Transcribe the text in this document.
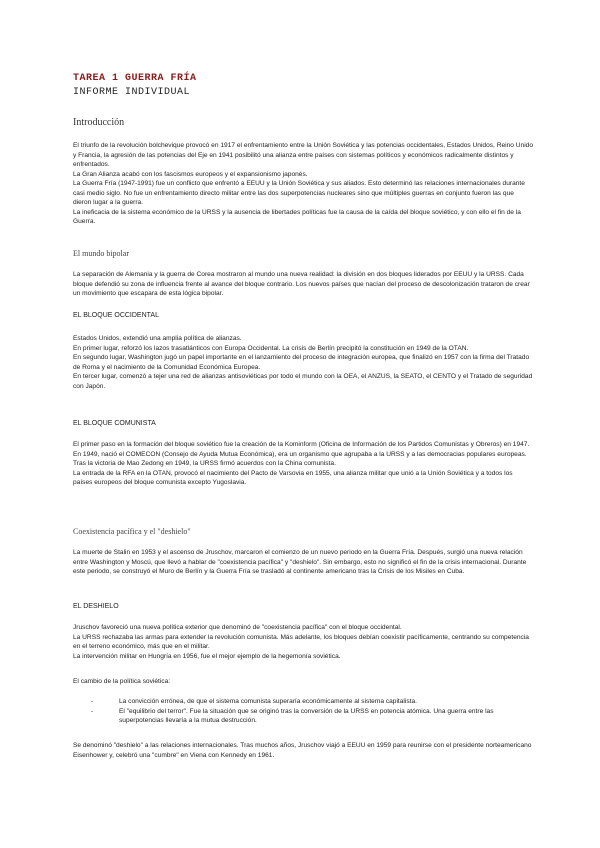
TAREA 1 GUERRA FRÍA
INFORME INDIVIDUAL
Introducción

El triunfo de la revolución bolchevique provocó en 1917 el enfrentamiento entre la Unión Soviética y las potencias occidentales, Estados Unidos, Reino Unido y Francia, la agresión de las potencias del Eje en 1941 posibilitó una alianza entre países con sistemas políticos y económicos radicalmente distintos y enfrentados.

La Gran Alianza acabó con los fascismos europeos y el expansionismo japonés.

La Guerra Fría (1947-1991) fue un conflicto que enfrentó a EEUU y la Unión Soviética y sus aliados. Esto determinó las relaciones internacionales durante casi medio siglo. No fue un enfrentamiento directo militar entre las dos superpotencias nucleares sino que múltiples guerras en conjunto fueron las que dieron lugar a la guerra.

La ineficacia de la sistema económico de la URSS y la ausencia de libertades políticas fue la causa de la caída del bloque soviético, y con ello el fin de la Guerra.

El mundo bipolar

La separación de Alemania y la guerra de Corea mostraron al mundo una nueva realidad: la división en dos bloques liderados por EEUU y la URSS. Cada bloque defendió su zona de influencia frente al avance del bloque contrario. Los nuevos países que nacían del proceso de descolonización trataron de crear un movimiento que escapara de esta lógica bipolar.

EL BLOQUE OCCIDENTAL

Estados Unidos, extendió una amplia política de alianzas.

En primer lugar, reforzó los lazos trasatlánticos con Europa Occidental. La crisis de Berlín precipitó la constitución en 1949 de la OTAN.

En segundo lugar, Washington jugó un papel importante en el lanzamiento del proceso de integración europea, que finalizó en 1957 con la firma del Tratado de Roma y el nacimiento de la Comunidad Económica Europea.

En tercer lugar, comenzó a tejer una red de alianzas antisoviéticas por todo el mundo con la OEA, el ANZUS, la SEATO, el CENTO y el Tratado de seguridad con Japón.

EL BLOQUE COMUNISTA

El primer paso en la formación del bloque soviético fue la creación de la Kominform (Oficina de Información de los Partidos Comunistas y Obreros) en 1947.

En 1949, nació el COMECON (Consejo de Ayuda Mutua Económica), era un organismo que agrupaba a la URSS y a las democracias populares europeas.

Tras la victoria de Mao Zedong en 1949, la URSS firmó acuerdos con la China comunista.

La entrada de la RFA en la OTAN, provocó el nacimiento del Pacto de Varsovia en 1955, una alianza militar que unió a la Unión Soviética y a todos los países europeos del bloque comunista excepto Yugoslavia.

Coexistencia pacífica y el "deshielo"

La muerte de Stalin en 1953 y el ascenso de Jruschov, marcaron el comienzo de un nuevo periodo en la Guerra Fría. Después, surgió una nueva relación entre Washington y Moscú, que llevó a hablar de "coexistencia pacífica" y "deshielo". Sin embargo, esto no significó el fin de la crisis internacional. Durante este periodo, se construyó el Muro de Berlín y la Guerra Fría se trasladó al continente americano tras la Crisis de los Misiles en Cuba.

EL DESHIELO

Jruschov favoreció una nueva política exterior que denominó de "coexistencia pacífica" con el bloque occidental.

La URSS rechazaba las armas para extender la revolución comunista. Más adelante, los bloques debían coexistir pacíficamente, centrando su competencia en el terreno económico, más que en el militar.

La intervención militar en Hungría en 1956, fue el mejor ejemplo de la hegemonía soviética.

El cambio de la política soviética:
-	La convicción errónea, de que el sistema comunista superaría económicamente al sistema capitalista.
-	El "equilibrio del terror". Fue la situación que se originó tras la conversión de la URSS en potencia atómica. Una guerra entre las superpotencias llevaría a la mutua destrucción.

Se denominó "deshielo" a las relaciones internacionales. Tras muchos años, Jruschov viajó a EEUU en 1959 para reunirse con el presidente norteamericano Eisenhower y, celebró una "cumbre" en Viena con Kennedy en 1961.
